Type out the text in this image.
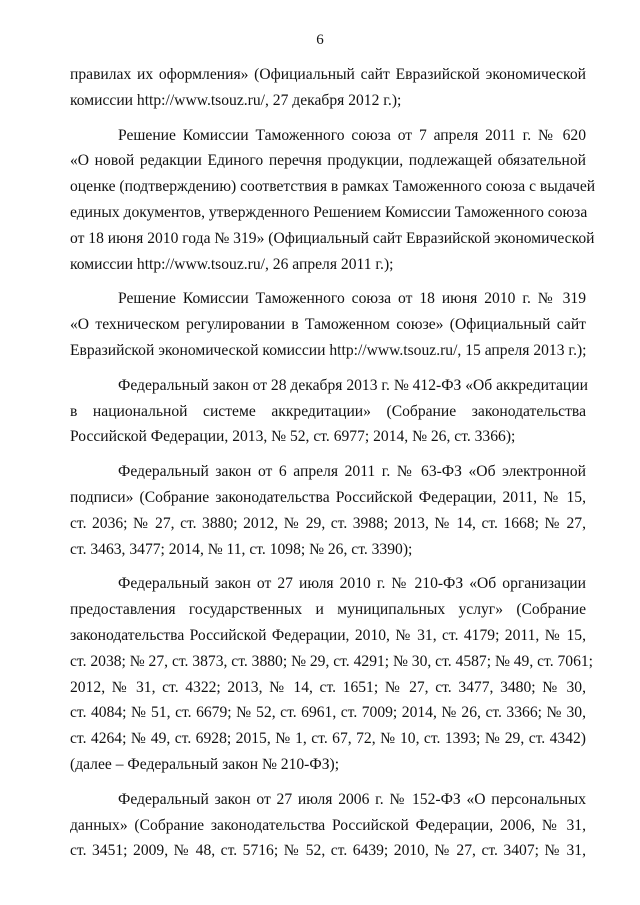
6
правилах их оформления» (Официальный сайт Евразийской экономической
комиссии http://www.tsouz.ru/, 27 декабря 2012 г.);
Решение Комиссии Таможенного союза от 7 апреля 2011 г. № 620
«О новой редакции Единого перечня продукции, подлежащей обязательной
оценке (подтверждению) соответствия в рамках Таможенного союза с выдачей
единых документов, утвержденного Решением Комиссии Таможенного союза
от 18 июня 2010 года № 319» (Официальный сайт Евразийской экономической
комиссии http://www.tsouz.ru/, 26 апреля 2011 г.);
Решение Комиссии Таможенного союза от 18 июня 2010 г. № 319
«О техническом регулировании в Таможенном союзе» (Официальный сайт
Евразийской экономической комиссии http://www.tsouz.ru/, 15 апреля 2013 г.);
Федеральный закон от 28 декабря 2013 г. № 412-ФЗ «Об аккредитации
в национальной системе аккредитации» (Собрание законодательства
Российской Федерации, 2013, № 52, ст. 6977; 2014, № 26, ст. 3366);
Федеральный закон от 6 апреля 2011 г. № 63-ФЗ «Об электронной
подписи» (Собрание законодательства Российской Федерации, 2011, № 15,
ст. 2036; № 27, ст. 3880; 2012, № 29, ст. 3988; 2013, № 14, ст. 1668; № 27,
ст. 3463, 3477; 2014, № 11, ст. 1098; № 26, ст. 3390);
Федеральный закон от 27 июля 2010 г. № 210-ФЗ «Об организации
предоставления государственных и муниципальных услуг» (Собрание
законодательства Российской Федерации, 2010, № 31, ст. 4179; 2011, № 15,
ст. 2038; № 27, ст. 3873, ст. 3880; № 29, ст. 4291; № 30, ст. 4587; № 49, ст. 7061;
2012, № 31, ст. 4322; 2013, № 14, ст. 1651; № 27, ст. 3477, 3480; № 30,
ст. 4084; № 51, ст. 6679; № 52, ст. 6961, ст. 7009; 2014, № 26, ст. 3366; № 30,
ст. 4264; № 49, ст. 6928; 2015, № 1, ст. 67, 72, № 10, ст. 1393; № 29, ст. 4342)
(далее – Федеральный закон № 210-ФЗ);
Федеральный закон от 27 июля 2006 г. № 152-ФЗ «О персональных
данных» (Собрание законодательства Российской Федерации, 2006, № 31,
ст. 3451; 2009, № 48, ст. 5716; № 52, ст. 6439; 2010, № 27, ст. 3407; № 31,
